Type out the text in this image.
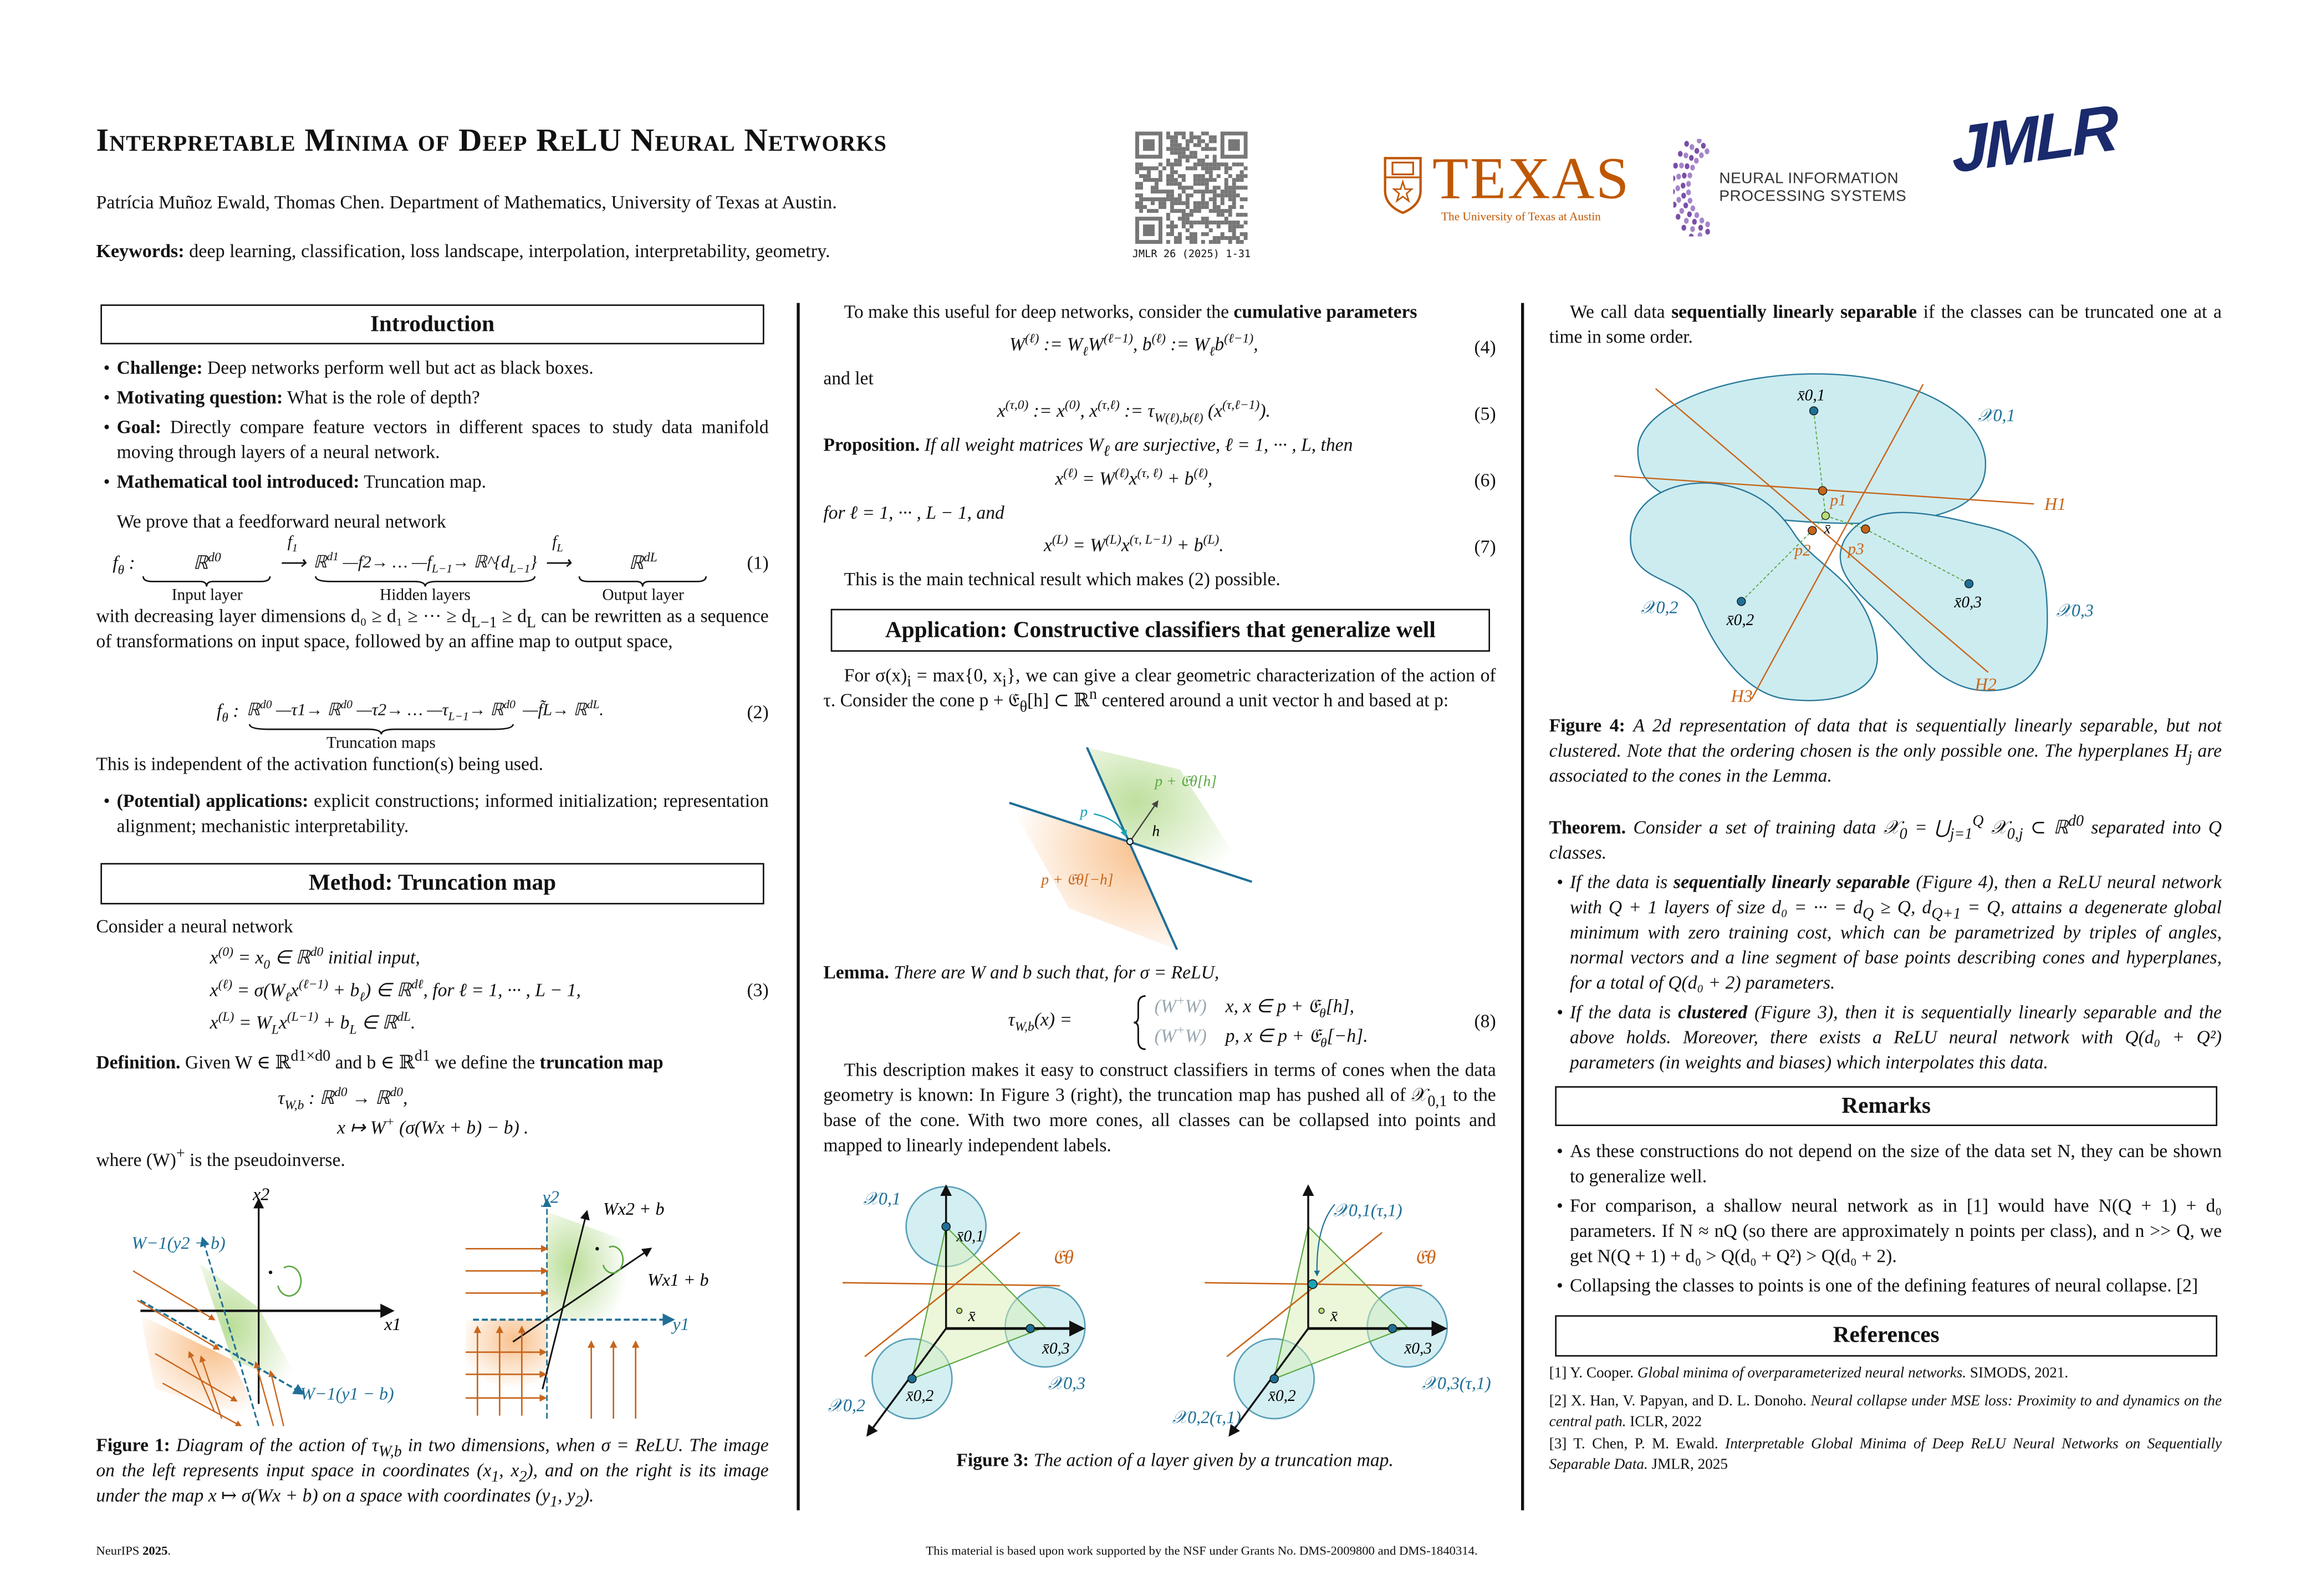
Interpretable Minima of Deep ReLU Neural Networks
Patrícia Muñoz Ewald, Thomas Chen. Department of Mathematics, University of Texas at Austin.
Keywords: deep learning, classification, loss landscape, interpolation, interpretability, geometry.	JMLR 26 (2025) 1-31
TEXAS
The University of Texas at Austin
NEURAL INFORMATION
PROCESSING SYSTEMS
JMLR
Introduction
• Challenge: Deep networks perform well but act as black boxes.
• Motivating question: What is the role of depth?
• Goal: Directly compare feature vectors in different spaces to study data manifold moving through layers of a neural network.
• Mathematical tool introduced: Truncation map.
We prove that a feedforward neural network
$f_\theta$ :	ℝ$^{d0}$
Input layer
$f_1$
⟶ ℝ$^{d1}$ —f2→ … $—f_{L-1}\to$ $ℝ\^{}\{d_{L-1}\}$
Hidden layers
$f_L$
⟶	ℝ$^{dL}$
Output layer
(1)
with decreasing layer dimensions d₀ ≥ d₁ ≥ ··· ≥ $d_{L-1} \ge d_L$ can be rewritten as a sequence of transformations on input space, followed by an affine map to output space,
$f_\theta$ : ℝ$^{d0}$ —τ1→ ℝ$^{d0}$ —τ2→ … $—\tau_{L-1}\to$ ℝ$^{d0}$
Truncation maps
—f̃L→ ℝ$^{dL}$.	(2)
This is independent of the activation function(s) being used.
• (Potential) applications: explicit constructions; informed initialization; representation alignment; mechanistic interpretability.
Method: Truncation map
Consider a neural network
$x^{(0)} = x_0$ ∈ ℝ$^{d0}$ initial input,
$x^{(\ell)} = \sigma(W_\ell x^{(\ell-1)} + b_\ell)$ ∈ ℝ$^{d\ell}$, for ℓ = 1, ··· , L − 1,
$x^{(L)} = W_Lx^{(L-1)} + b_L$ ∈ ℝ$^{dL}$.
(3)
Definition. Given W ∈ ℝ$^{d1\times d0}$ and b ∈ ℝ$^{d1}$ we define the truncation map
$\tau_{W,b}$ : ℝ$^{d0}$ → ℝ$^{d0}$,
x ↦ W+ (σ(Wx + b) − b) .
where (W)+ is the pseudoinverse.
x2
x1
W−1(y2 − b)
W−1(y1 − b)
y2
y1
Wx2 + b
Wx1 + b
Figure 1: Diagram of the action of $\tau_{W,b}$ in two dimensions, when σ = ReLU. The image on the left represents input space in coordinates ($x_1$, $x_2$), and on the right is its image under the map x ↦ σ(Wx + b) on a space with coordinates ($y_1$, $y_2$).
To make this useful for deep networks, consider the cumulative parameters
$W^{(\ell)}$ := $W_\ell W^{(\ell-1)}$, $b^{(\ell)}$ := $W_\ell b^{(\ell-1)}$,	(4)
and let
$x^{(\tau,0)}$ := $x^{(0)}$, $x^{(\tau,\ell)}$ := $\tau_{W(\ell),b(\ell)}$ $(x^{(\tau,\ell-1)})$.	(5)
Proposition. If all weight matrices $W_\ell$ are surjective, ℓ = 1, ··· , L, then
$x^{(\ell)} = W^{(\ell)}x^{(\tau, \ell)} + b^{(\ell)}$,	(6)
for ℓ = 1, ··· , L − 1, and
$x^{(L)} = W^{(L)}x^{(\tau, L-1)} + b^{(L)}$.	(7)
This is the main technical result which makes (2) possible.
Application: Constructive classifiers that generalize well
For $\sigma(x)_i = \max\{0$, $x_i$}, we can give a clear geometric characterization of the action of τ. Consider the cone p + 𝔈$_\theta$[h] ⊂ ℝ$^n$ centered around a unit vector h and based at p:
p + 𝔈θ[h]
p + 𝔈θ[−h]
p
h
Lemma. There are W and b such that, for σ = ReLU,
$\tau_{W,b}(x)$ =
(W+W)	x, x ∈ p + 𝔈$_\theta$[h],
(W+W)	p, x ∈ p + 𝔈$_\theta$[−h].
(8)
This description makes it easy to construct classifiers in terms of cones when the data geometry is known: In Figure 3 (right), the truncation map has pushed all of 𝒳$_{0,1}$ to the base of the cone. With two more cones, all classes can be collapsed into points and mapped to linearly independent labels.
𝒳0,1
𝒳0,2
𝒳0,3
x̄0,1
x̄0,2
x̄0,3
x̄
𝔈θ
𝒳0,1(τ,1)
𝒳0,2(τ,1)
𝒳0,3(τ,1)
x̄0,2
x̄0,3
x̄
𝔈θ
Figure 3: The action of a layer given by a truncation map.
We call data sequentially linearly separable if the classes can be truncated one at a time in some order.
x̄0,1
x̄0,2
x̄0,3
x̄
𝒳0,1
𝒳0,2	𝒳0,3
p1
p2	p3
H1
H2
H3
Figure 4: A 2d representation of data that is sequentially linearly separable, but not clustered. Note that the ordering chosen is the only possible one. The hyperplanes $H_j$ are associated to the cones in the Lemma.
Theorem. Consider a set of training data 𝒳$_0$ = $⋃_{j=1}^Q$ 𝒳$_{0,j}$ ⊂ ℝ$^{d0}$ separated into Q classes.
• If the data is sequentially linearly separable (Figure 4), then a ReLU neural network with Q + 1 layers of size d₀ = ··· = $d_Q \ge Q$, $d_{Q+1} = Q$, attains a degenerate global minimum with zero training cost, which can be parametrized by triples of angles, normal vectors and a line segment of base points describing cones and hyperplanes, for a total of Q(d₀ + 2) parameters.
• If the data is clustered (Figure 3), then it is sequentially linearly separable and the above holds. Moreover, there exists a ReLU neural network with Q(d₀ + Q²) parameters (in weights and biases) which interpolates this data.
Remarks
• As these constructions do not depend on the size of the data set N, they can be shown to generalize well.
• For comparison, a shallow neural network as in [1] would have N(Q + 1) + d₀ parameters. If N ≈ nQ (so there are approximately n points per class), and n >> Q, we get N(Q + 1) + d₀ > Q(d₀ + Q²) > Q(d₀ + 2).
• Collapsing the classes to points is one of the defining features of neural collapse. [2]
References
[1] Y. Cooper. Global minima of overparameterized neural networks. SIMODS, 2021.
[2] X. Han, V. Papyan, and D. L. Donoho. Neural collapse under MSE loss: Proximity to and dynamics on the central path. ICLR, 2022
[3] T. Chen, P. M. Ewald. Interpretable Global Minima of Deep ReLU Neural Networks on Sequentially Separable Data. JMLR, 2025
NeurIPS 2025.	This material is based upon work supported by the NSF under Grants No. DMS-2009800 and DMS-1840314.
